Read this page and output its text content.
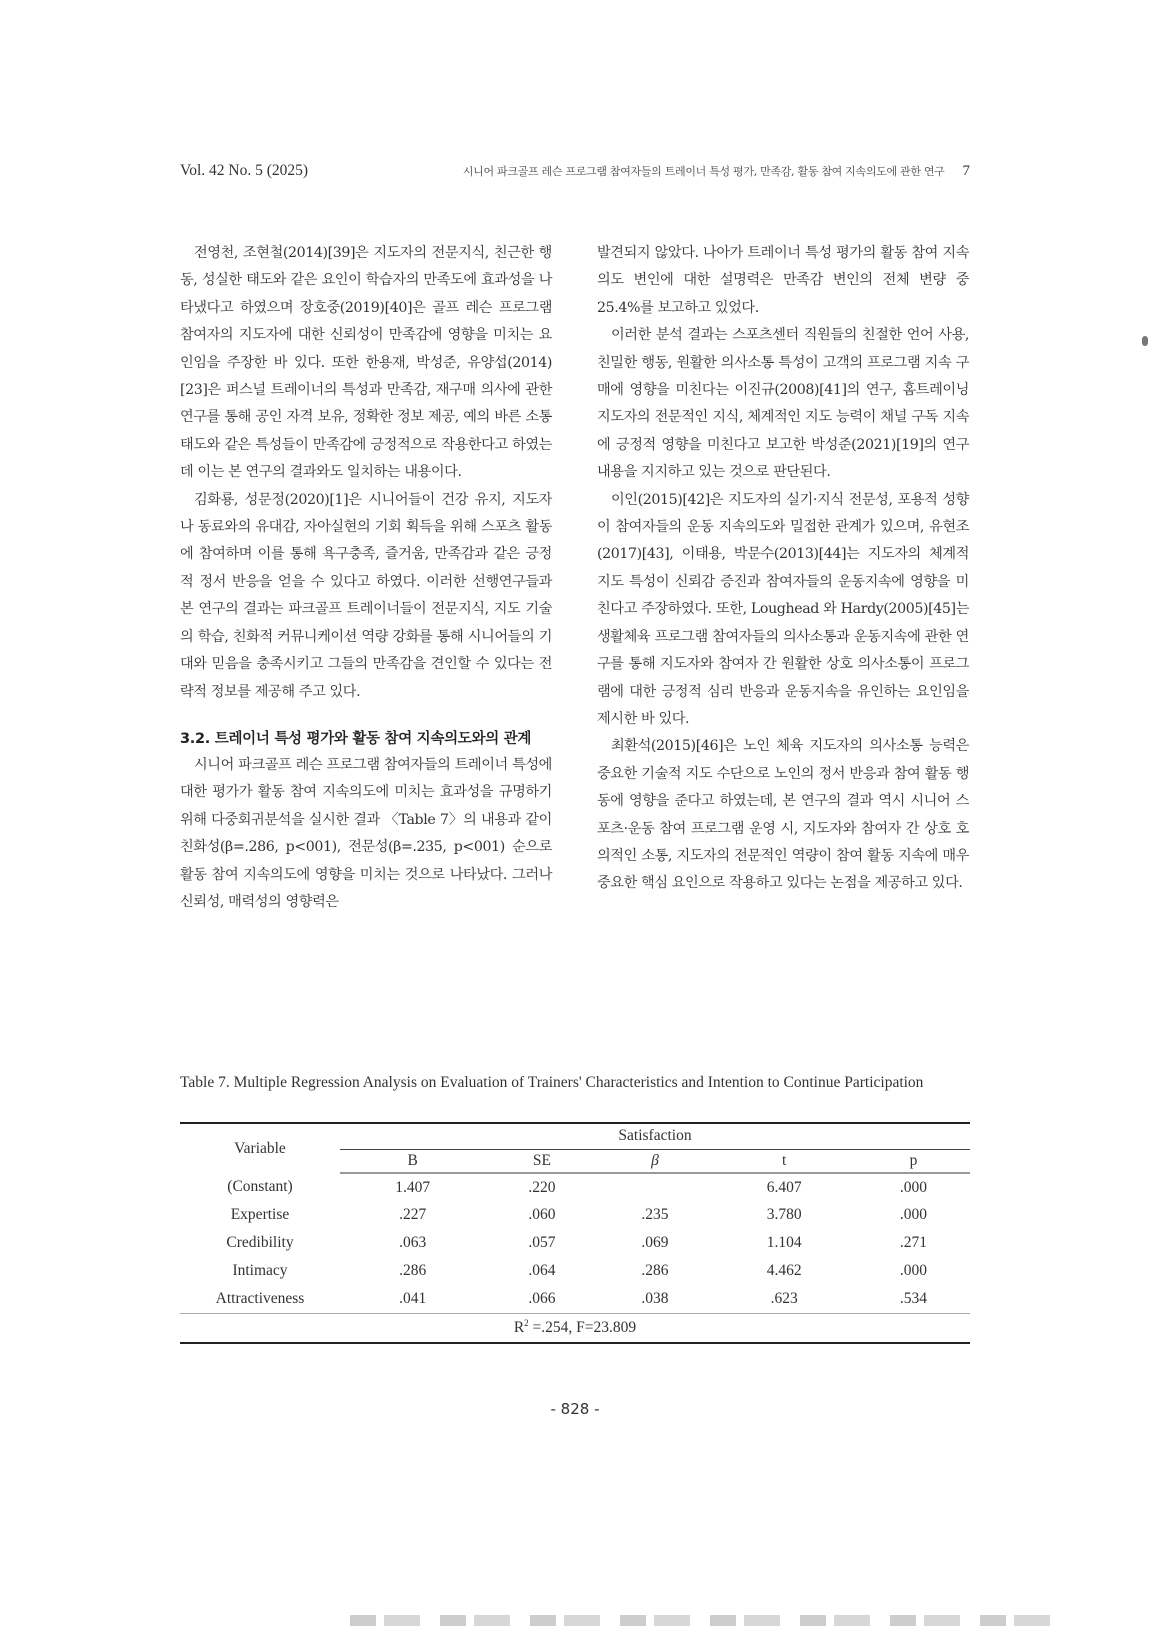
Vol. 42 No. 5 (2025)	시니어 파크골프 레슨 프로그램 참여자들의 트레이너 특성 평가, 만족감, 활동 참여 지속의도에 관한 연구 7

전영천, 조현철(2014)[39]은 지도자의 전문지식, 친근한 행동, 성실한 태도와 같은 요인이 학습자의 만족도에 효과성을 나타냈다고 하였으며 장호중(2019)[40]은 골프 레슨 프로그램 참여자의 지도자에 대한 신뢰성이 만족감에 영향을 미치는 요인임을 주장한 바 있다. 또한 한용재, 박성준, 유양섭(2014)[23]은 퍼스널 트레이너의 특성과 만족감, 재구매 의사에 관한 연구를 통해 공인 자격 보유, 정확한 정보 제공, 예의 바른 소통 태도와 같은 특성들이 만족감에 긍정적으로 작용한다고 하였는데 이는 본 연구의 결과와도 일치하는 내용이다.

김화룡, 성문정(2020)[1]은 시니어들이 건강 유지, 지도자나 동료와의 유대감, 자아실현의 기회 획득을 위해 스포츠 활동에 참여하며 이를 통해 욕구충족, 즐거움, 만족감과 같은 긍정적 정서 반응을 얻을 수 있다고 하였다. 이러한 선행연구들과 본 연구의 결과는 파크골프 트레이너들이 전문지식, 지도 기술의 학습, 친화적 커뮤니케이션 역량 강화를 통해 시니어들의 기대와 믿음을 충족시키고 그들의 만족감을 견인할 수 있다는 전략적 정보를 제공해 주고 있다.

3.2. 트레이너 특성 평가와 활동 참여 지속의도와의 관계

시니어 파크골프 레슨 프로그램 참여자들의 트레이너 특성에 대한 평가가 활동 참여 지속의도에 미치는 효과성을 규명하기 위해 다중회귀분석을 실시한 결과 〈Table 7〉의 내용과 같이 친화성(β=.286, p<001), 전문성(β=.235, p<001) 순으로 활동 참여 지속의도에 영향을 미치는 것으로 나타났다. 그러나 신뢰성, 매력성의 영향력은

발견되지 않았다. 나아가 트레이너 특성 평가의 활동 참여 지속의도 변인에 대한 설명력은 만족감 변인의 전체 변량 중 25.4%를 보고하고 있었다.

이러한 분석 결과는 스포츠센터 직원들의 친절한 언어 사용, 친밀한 행동, 원활한 의사소통 특성이 고객의 프로그램 지속 구매에 영향을 미친다는 이진규(2008)[41]의 연구, 홈트레이닝 지도자의 전문적인 지식, 체계적인 지도 능력이 채널 구독 지속에 긍정적 영향을 미친다고 보고한 박성준(2021)[19]의 연구 내용을 지지하고 있는 것으로 판단된다.

이인(2015)[42]은 지도자의 실기·지식 전문성, 포용적 성향이 참여자들의 운동 지속의도와 밀접한 관계가 있으며, 유현조(2017)[43], 이태용, 박문수(2013)[44]는 지도자의 체계적 지도 특성이 신뢰감 증진과 참여자들의 운동지속에 영향을 미친다고 주장하였다. 또한, Loughead 와 Hardy(2005)[45]는 생활체육 프로그램 참여자들의 의사소통과 운동지속에 관한 연구를 통해 지도자와 참여자 간 원활한 상호 의사소통이 프로그램에 대한 긍정적 심리 반응과 운동지속을 유인하는 요인임을 제시한 바 있다.

최환석(2015)[46]은 노인 체육 지도자의 의사소통 능력은 중요한 기술적 지도 수단으로 노인의 정서 반응과 참여 활동 행동에 영향을 준다고 하였는데, 본 연구의 결과 역시 시니어 스포츠·운동 참여 프로그램 운영 시, 지도자와 참여자 간 상호 호의적인 소통, 지도자의 전문적인 역량이 참여 활동 지속에 매우 중요한 핵심 요인으로 작용하고 있다는 논점을 제공하고 있다.

Table 7. Multiple Regression Analysis on Evaluation of Trainers' Characteristics and Intention to Continue Participation
Variable	Satisfaction				
	B	SE	β	t	p
(Constant)	1.407	.220		6.407	.000
Expertise	.227	.060	.235	3.780	.000
Credibility	.063	.057	.069	1.104	.271
Intimacy	.286	.064	.286	4.462	.000
Attractiveness	.041	.066	.038	.623	.534
$R^2 =.254$, F=23.809					
- 828 -
